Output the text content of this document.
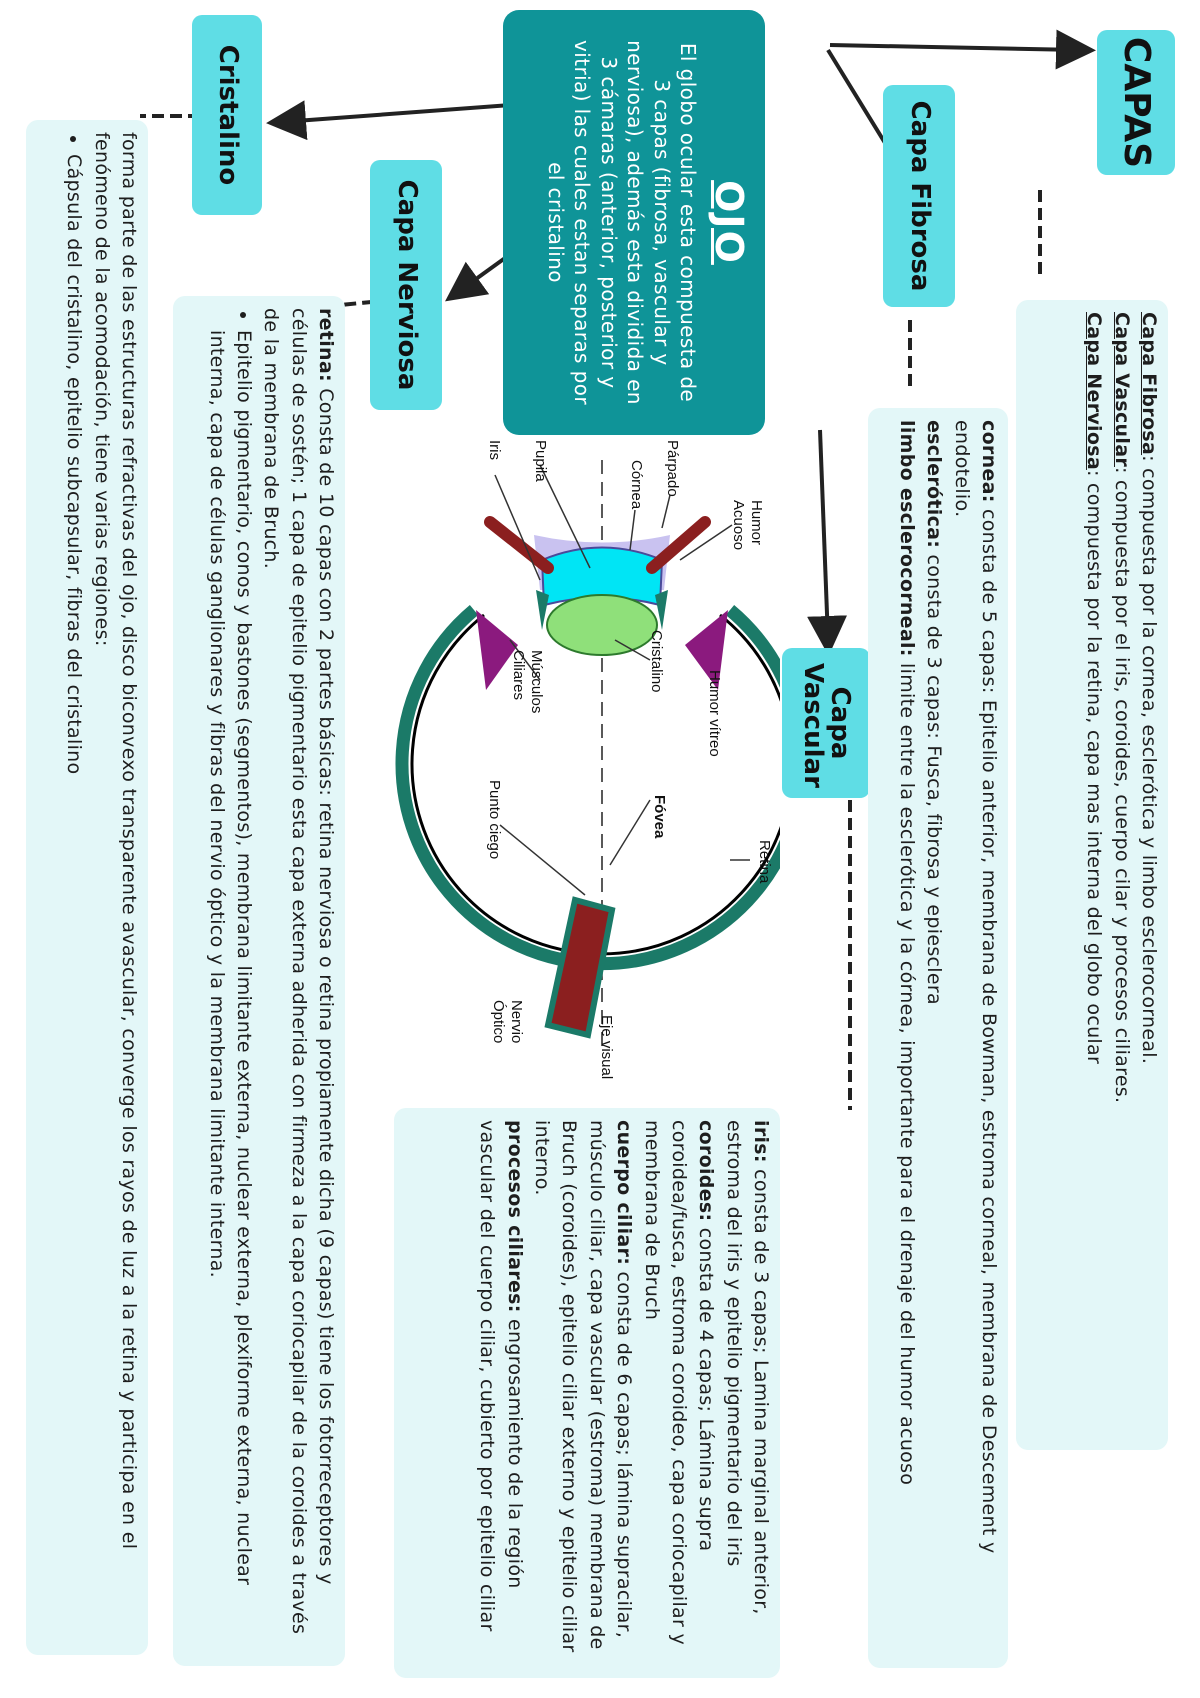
OJO
El globo ocular esta compuesta de 3 capas (fibrosa, vascular y nerviosa), además esta dividida en 3 cámaras (anterior, posterior y vitria) las cuales estan separas por el cristalino
CAPAS
Capa Fibrosa
Capa Vascular
Capa Nerviosa
Cristalino

Capa Fibrosa: compuesta por la cornea, esclerótica y limbo esclerocorneal.

Capa Vascular: compuesta por el iris, coroides, cuerpo cilar y procesos ciliares.

Capa Nerviosa: compuesta por la retina, capa mas interna del globo ocular

cornea: consta de 5 capas: Epitelio anterior, membrana de Bowman, estroma corneal, membrana de Descement y endotelio.

esclerótica: consta de 3 capas: Fusca, fibrosa y epiesclera

limbo esclerocorneal: limite entre la esclerótica y la córnea, importante para el drenaje del humor acuoso

iris: consta de 3 capas; Lamina marginal anterior, estroma del iris y epitelio pigmentario del iris

coroides: consta de 4 capas; Lámina supra coroidea/fusca, estroma coroideo, capa coriocapilar y membrana de Bruch

cuerpo ciliar: consta de 6 capas; lámina supracilar, músculo ciliar, capa vascular (estroma) membrana de Bruch (coroides), epitelio ciliar externo y epitelio ciliar interno.

procesos ciliares: engrosamiento de la región vascular del cuerpo ciliar, cubierto por epitelio ciliar

retina: Consta de 10 capas con 2 partes básicas: retina nerviosa o retina propiamente dicha (9 capas) tiene los fotorreceptores y células de sostén; 1 capa de epitelio pigmentario esta capa externa adherida con firmeza a la capa coriocapilar de la coroides a través de la membrana de Bruch.

• Epitelio pigmentario, conos y bastones (segmentos), membrana limitante externa, nuclear externa, plexiforme externa, nuclear interna, capa de células ganglionares y fibras del nervio óptico y la membrana limitante interna.

forma parte de las estructuras refractivas del ojo, disco biconvexo transparente avascular, converge los rayos de luz a la retina y participa en el fenómeno de la acomodación, tiene varias regiones:

• Cápsula del cristalino, epitelio subcapsular, fibras del cristalino	Humor
Acuoso
Párpado
Córnea
Pupila
Iris
Humor vítreo
Cristalino
Músculos
Ciliares
Fóvea
Punto ciego
Retina
Eje visual
Nervio
Óptico
